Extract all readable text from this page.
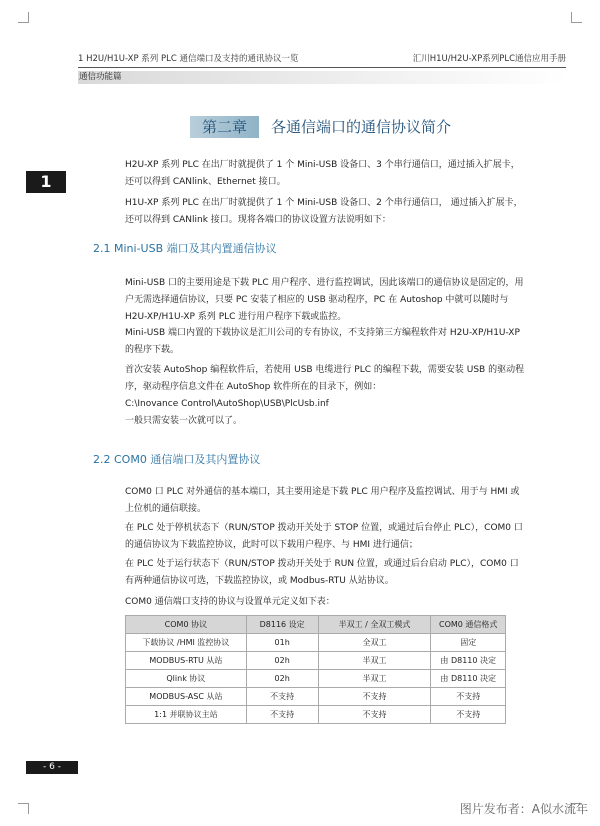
1 H2U/H1U-XP 系列 PLC 通信端口及支持的通讯协议一览	汇川H1U/H2U-XP系列PLC通信应用手册
通信功能篇
第二章 各通信端口的通信协议简介
1

H2U-XP 系列 PLC 在出厂时就提供了 1 个 Mini-USB 设备口、3 个串行通信口，通过插入扩展卡，还可以得到 CANlink、Ethernet 接口。

H1U-XP 系列 PLC 在出厂时就提供了 1 个 Mini-USB 设备口、2 个串行通信口， 通过插入扩展卡，还可以得到 CANlink 接口。现将各端口的协议设置方法说明如下：

2.1 Mini-USB 端口及其内置通信协议

Mini-USB 口的主要用途是下载 PLC 用户程序、进行监控调试，因此该端口的通信协议是固定的，用户无需选择通信协议，只要 PC 安装了相应的 USB 驱动程序，PC 在 Autoshop 中就可以随时与 H2U-XP/H1U-XP 系列 PLC 进行用户程序下载或监控。

Mini-USB 端口内置的下载协议是汇川公司的专有协议，不支持第三方编程软件对 H2U-XP/H1U-XP 的程序下载。

首次安装 AutoShop 编程软件后，若使用 USB 电缆进行 PLC 的编程下载，需要安装 USB 的驱动程序，驱动程序信息文件在 AutoShop 软件所在的目录下，例如：

C:\Inovance Control\AutoShop\USB\PlcUsb.inf

一般只需安装一次就可以了。

2.2 COM0 通信端口及其内置协议

COM0 口 PLC 对外通信的基本端口，其主要用途是下载 PLC 用户程序及监控调试、用于与 HMI 或上位机的通信联接。

在 PLC 处于停机状态下（RUN/STOP 拨动开关处于 STOP 位置，或通过后台停止 PLC），COM0 口的通信协议为下载监控协议，此时可以下载用户程序、与 HMI 进行通信；

在 PLC 处于运行状态下（RUN/STOP 拨动开关处于 RUN 位置，或通过后台启动 PLC），COM0 口有两种通信协议可选，下载监控协议，或 Modbus-RTU 从站协议。

COM0 通信端口支持的协议与设置单元定义如下表：

COM0 协议	D8116 设定	半双工 / 全双工模式	COM0 通信格式
下载协议 /HMI 监控协议	01h	全双工	固定
MODBUS-RTU 从站	02h	半双工	由 D8110 决定
Qlink 协议	02h	半双工	由 D8110 决定
MODBUS-ASC 从站	不支持	不支持	不支持
1:1 并联协议主站	不支持	不支持	不支持
- 6 -
图片发布者：A似水流年
